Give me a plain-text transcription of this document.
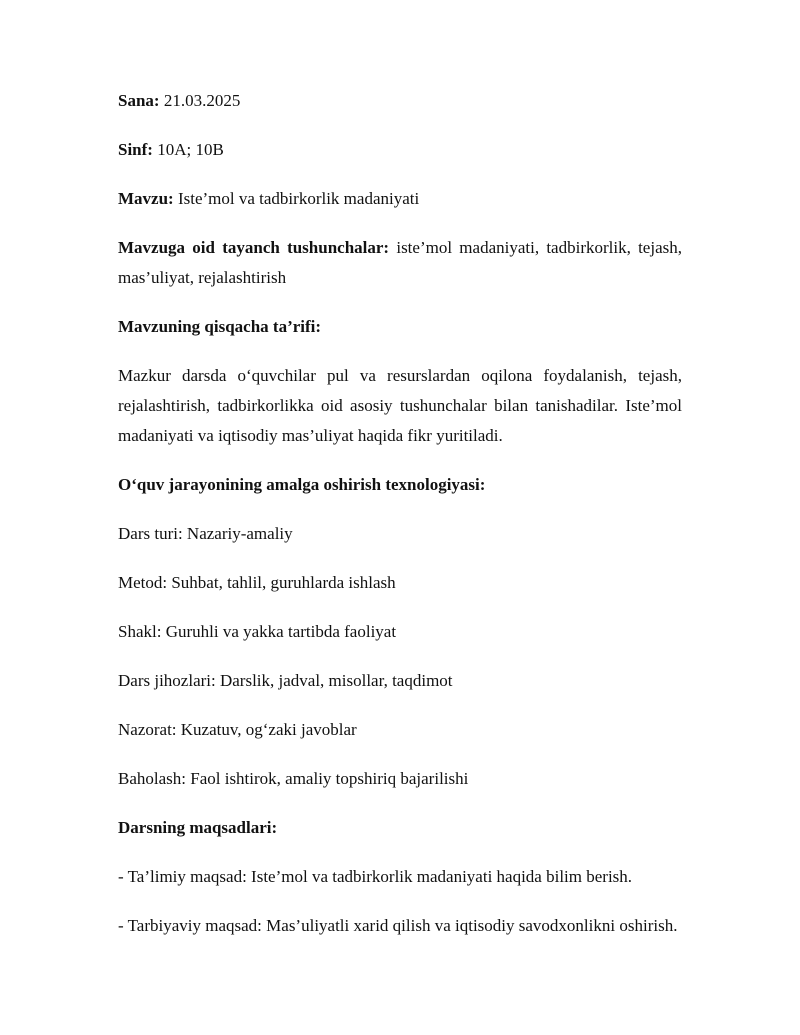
Sana: 21.03.2025

Sinf: 10A; 10B

Mavzu: Iste’mol va tadbirkorlik madaniyati

Mavzuga oid tayanch tushunchalar: iste’mol madaniyati, tadbirkorlik, tejash, mas’uliyat, rejalashtirish

Mavzuning qisqacha ta’rifi:

Mazkur darsda o‘quvchilar pul va resurslardan oqilona foydalanish, tejash, rejalashtirish, tadbirkorlikka oid asosiy tushunchalar bilan tanishadilar. Iste’mol madaniyati va iqtisodiy mas’uliyat haqida fikr yuritiladi.

O‘quv jarayonining amalga oshirish texnologiyasi:

Dars turi: Nazariy-amaliy

Metod: Suhbat, tahlil, guruhlarda ishlash

Shakl: Guruhli va yakka tartibda faoliyat

Dars jihozlari: Darslik, jadval, misollar, taqdimot

Nazorat: Kuzatuv, og‘zaki javoblar

Baholash: Faol ishtirok, amaliy topshiriq bajarilishi

Darsning maqsadlari:

- Ta’limiy maqsad: Iste’mol va tadbirkorlik madaniyati haqida bilim berish.

- Tarbiyaviy maqsad: Mas’uliyatli xarid qilish va iqtisodiy savodxonlikni oshirish.
